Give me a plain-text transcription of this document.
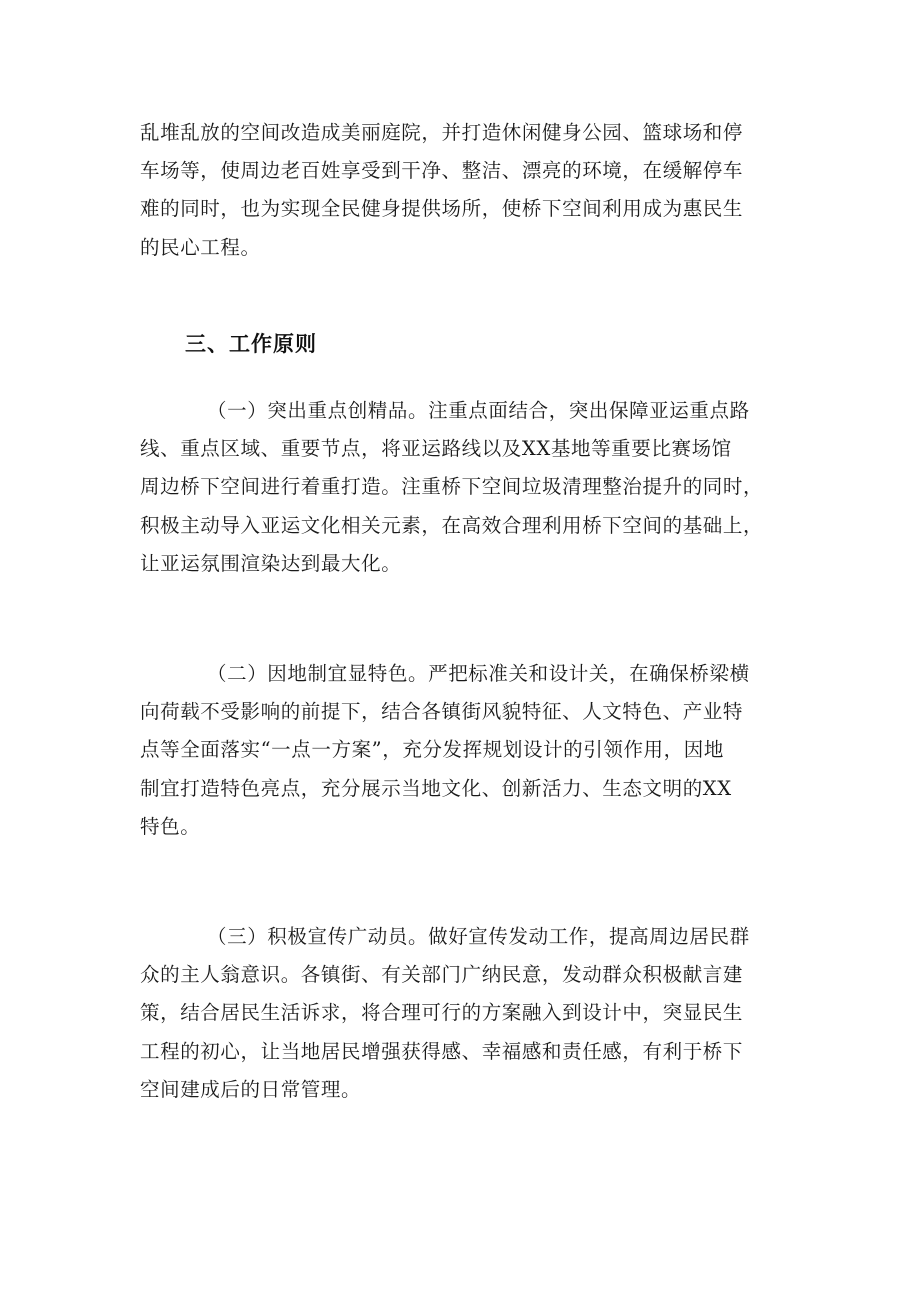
乱堆乱放的空间改造成美丽庭院，并打造休闲健身公园、篮球场和停
车场等，使周边老百姓享受到干净、整洁、漂亮的环境，在缓解停车
难的同时，也为实现全民健身提供场所，使桥下空间利用成为惠民生
的民心工程。
三、工作原则
（一）突出重点创精品。注重点面结合，突出保障亚运重点路
线、重点区域、重要节点，将亚运路线以及XX基地等重要比赛场馆
周边桥下空间进行着重打造。注重桥下空间垃圾清理整治提升的同时，
积极主动导入亚运文化相关元素，在高效合理利用桥下空间的基础上，
让亚运氛围渲染达到最大化。
（二）因地制宜显特色。严把标准关和设计关，在确保桥梁横
向荷载不受影响的前提下，结合各镇街风貌特征、人文特色、产业特
点等全面落实“一点一方案”，充分发挥规划设计的引领作用，因地
制宜打造特色亮点，充分展示当地文化、创新活力、生态文明的XX
特色。
（三）积极宣传广动员。做好宣传发动工作，提高周边居民群
众的主人翁意识。各镇街、有关部门广纳民意，发动群众积极献言建
策，结合居民生活诉求，将合理可行的方案融入到设计中，突显民生
工程的初心，让当地居民增强获得感、幸福感和责任感，有利于桥下
空间建成后的日常管理。
